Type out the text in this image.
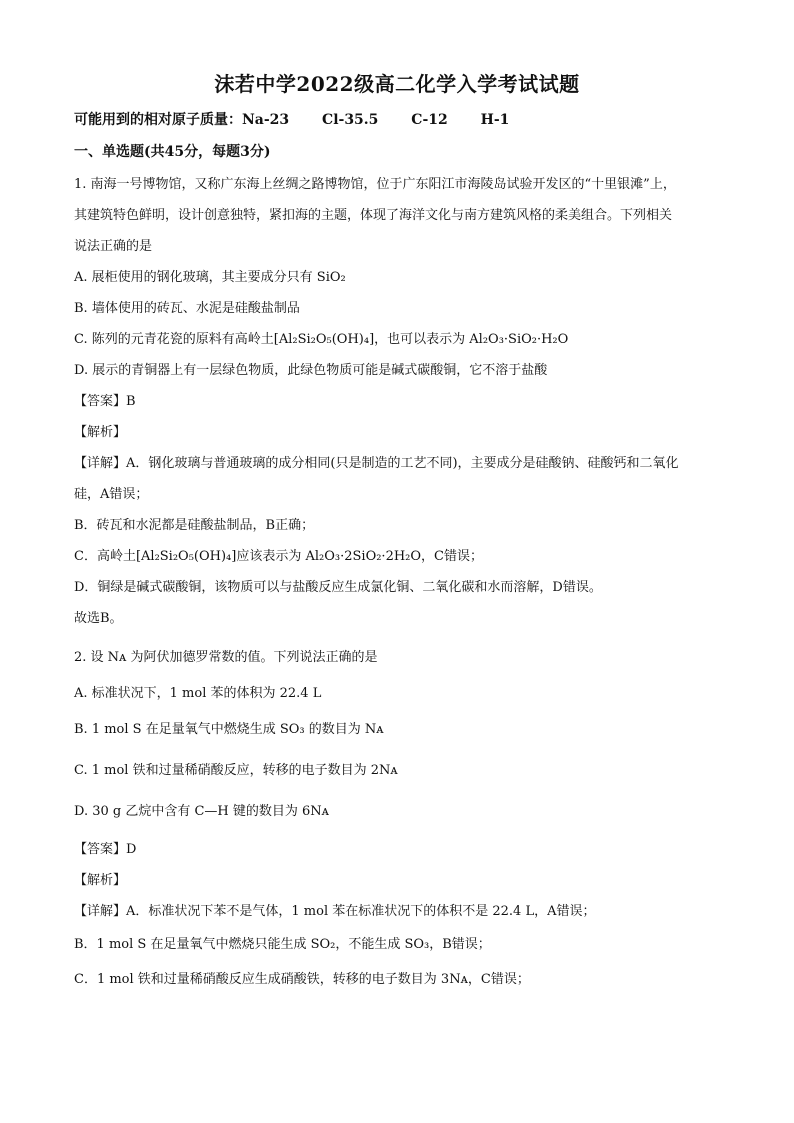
沫若中学2022级高二化学入学考试试题
可能用到的相对原子质量：Na-23 Cl-35.5 C-12 H-1
一、单选题(共45分，每题3分)
1. 南海一号博物馆，又称广东海上丝绸之路博物馆，位于广东阳江市海陵岛试验开发区的“十里银滩”上，
其建筑特色鲜明，设计创意独特，紧扣海的主题，体现了海洋文化与南方建筑风格的柔美组合。下列相关
说法正确的是
A. 展柜使用的钢化玻璃，其主要成分只有 SiO₂
B. 墙体使用的砖瓦、水泥是硅酸盐制品
C. 陈列的元青花瓷的原料有高岭土[Al₂Si₂O₅(OH)₄]，也可以表示为 Al₂O₃·SiO₂·H₂O
D. 展示的青铜器上有一层绿色物质，此绿色物质可能是碱式碳酸铜，它不溶于盐酸
【答案】B
【解析】
【详解】A．钢化玻璃与普通玻璃的成分相同(只是制造的工艺不同)，主要成分是硅酸钠、硅酸钙和二氧化
硅，A错误；
B．砖瓦和水泥都是硅酸盐制品，B正确；
C．高岭土[Al₂Si₂O₅(OH)₄]应该表示为 Al₂O₃·2SiO₂·2H₂O，C错误；
D．铜绿是碱式碳酸铜，该物质可以与盐酸反应生成氯化铜、二氧化碳和水而溶解，D错误。
故选B。
2. 设 Nᴀ 为阿伏加德罗常数的值。下列说法正确的是
A. 标准状况下，1 mol 苯的体积为 22.4 L
B. 1 mol S 在足量氧气中燃烧生成 SO₃ 的数目为 Nᴀ
C. 1 mol 铁和过量稀硝酸反应，转移的电子数目为 2Nᴀ
D. 30 g 乙烷中含有 C—H 键的数目为 6Nᴀ
【答案】D
【解析】
【详解】A．标准状况下苯不是气体，1 mol 苯在标准状况下的体积不是 22.4 L，A错误；
B．1 mol S 在足量氧气中燃烧只能生成 SO₂，不能生成 SO₃，B错误；
C．1 mol 铁和过量稀硝酸反应生成硝酸铁，转移的电子数目为 3Nᴀ，C错误；
